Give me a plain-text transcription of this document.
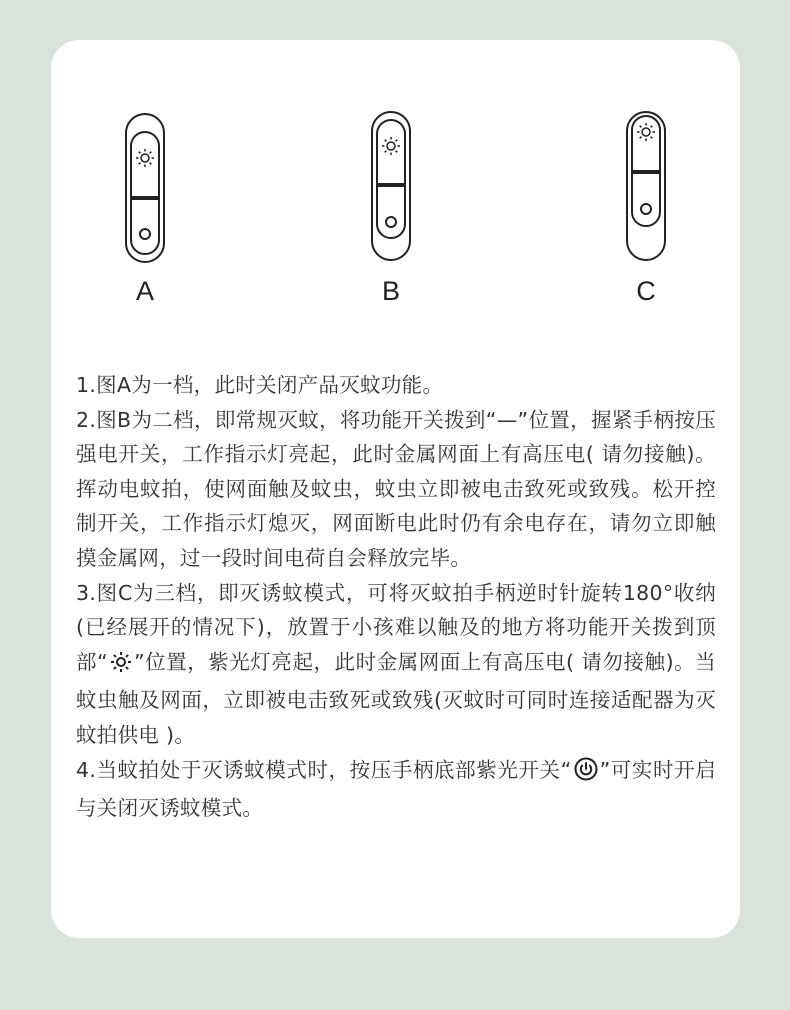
A	B	C

1.图A为一档，此时关闭产品灭蚊功能。

2.图B为二档，即常规灭蚊，将功能开关拨到“—”位置，握紧手柄按压强电开关，工作指示灯亮起，此时金属网面上有高压电( 请勿接触)。挥动电蚊拍，使网面触及蚊虫，蚊虫立即被电击致死或致残。松开控制开关，工作指示灯熄灭，网面断电此时仍有余电存在，请勿立即触摸金属网，过一段时间电荷自会释放完毕。

3.图C为三档，即灭诱蚊模式，可将灭蚊拍手柄逆时针旋转180°收纳(已经展开的情况下)，放置于小孩难以触及的地方将功能开关拨到顶部“ ”位置，紫光灯亮起，此时金属网面上有高压电( 请勿接触)。当蚊虫触及网面，立即被电击致死或致残(灭蚊时可同时连接适配器为灭蚊拍供电 )。

4.当蚊拍处于灭诱蚊模式时，按压手柄底部紫光开关“ ”可实时开启与关闭灭诱蚊模式。
